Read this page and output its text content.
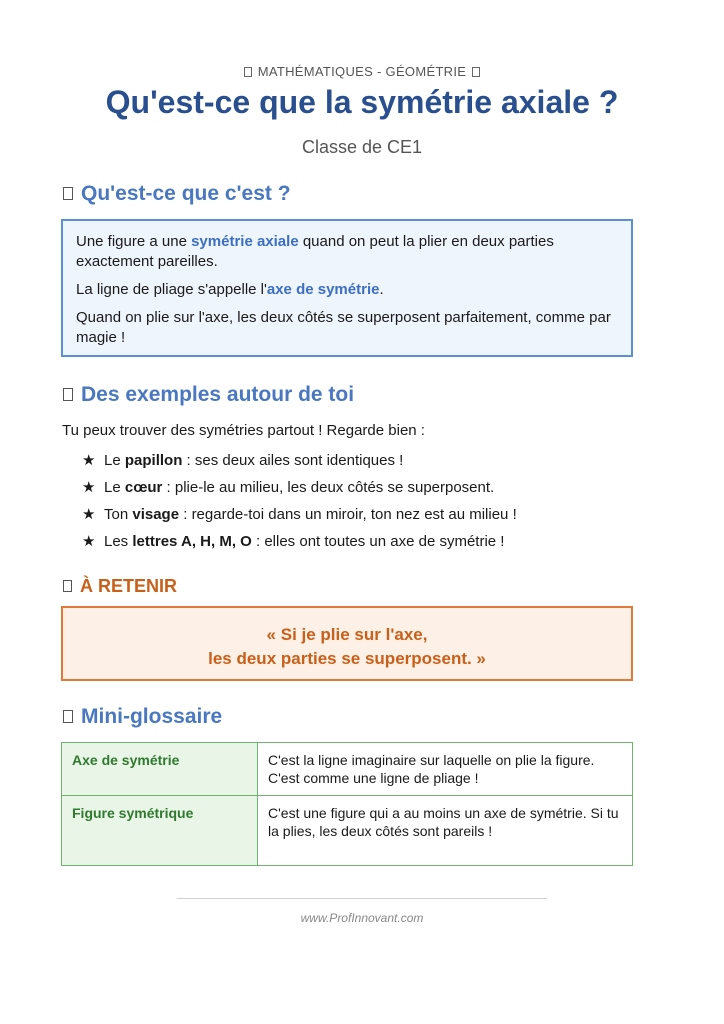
MATHÉMATIQUES - GÉOMÉTRIE
Qu'est-ce que la symétrie axiale ?
Classe de CE1
Qu'est-ce que c'est ?

Une figure a une symétrie axiale quand on peut la plier en deux parties exactement pareilles.

La ligne de pliage s'appelle l'axe de symétrie.

Quand on plie sur l'axe, les deux côtés se superposent parfaitement, comme par magie !

Des exemples autour de toi
Tu peux trouver des symétries partout ! Regarde bien :
★ Le papillon : ses deux ailes sont identiques !
★ Le cœur : plie-le au milieu, les deux côtés se superposent.
★ Ton visage : regarde-toi dans un miroir, ton nez est au milieu !
★ Les lettres A, H, M, O : elles ont toutes un axe de symétrie !
À RETENIR
« Si je plie sur l'axe,
les deux parties se superposent. »
Mini-glossaire
Axe de symétrie	C'est la ligne imaginaire sur laquelle on plie la figure. C'est comme une ligne de pliage !
Figure symétrique	C'est une figure qui a au moins un axe de symétrie. Si tu la plies, les deux côtés sont pareils !
www.ProfInnovant.com
